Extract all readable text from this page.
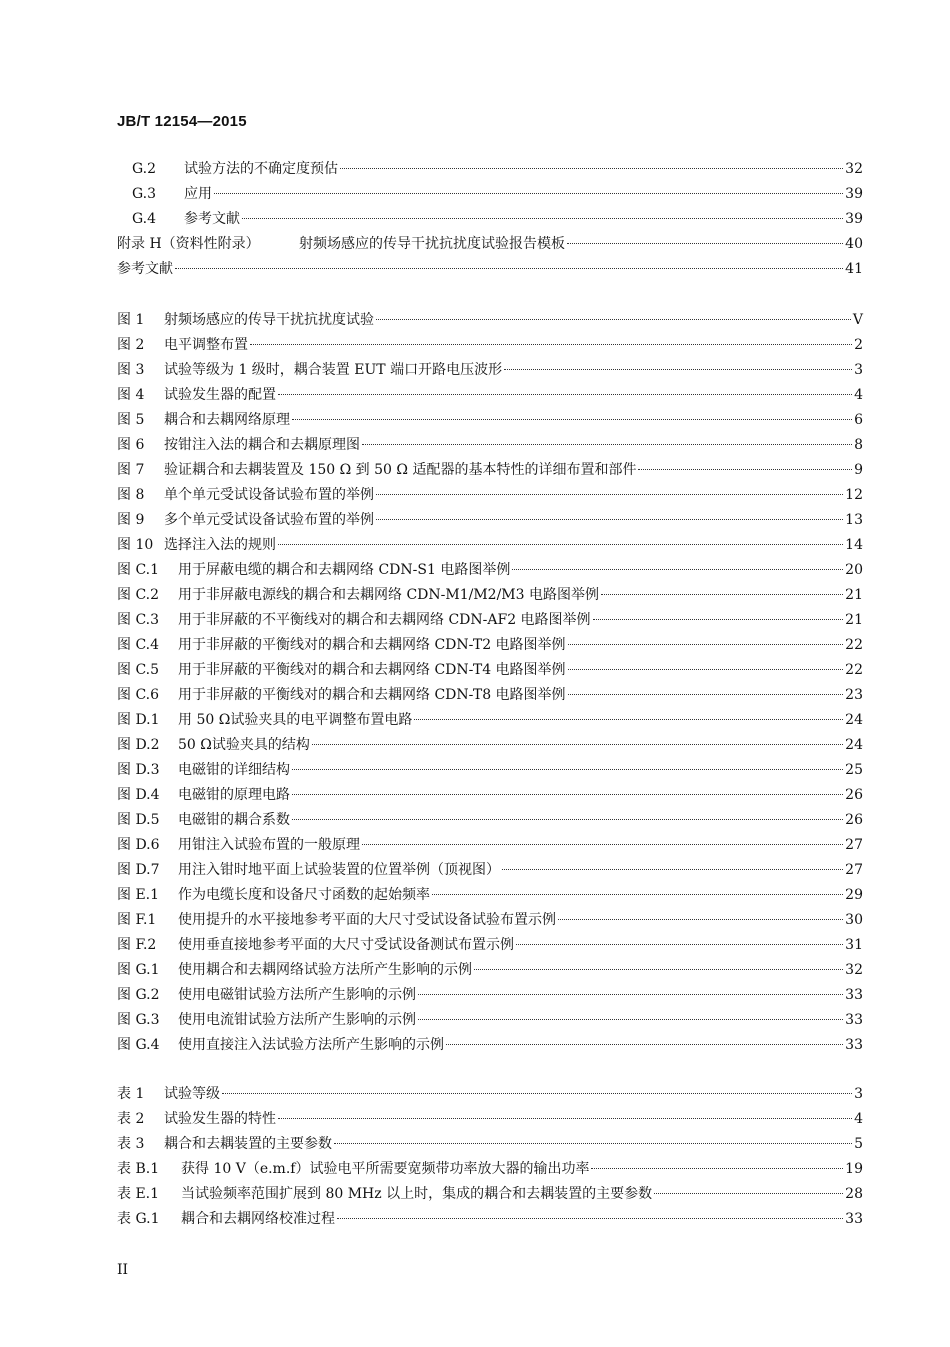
JB/T 12154—2015
G.2 试验方法的不确定度预估	32
G.3 应用	39
G.4 参考文献	39
附录 H（资料性附录）	射频场感应的传导干扰抗扰度试验报告模板	40
参考文献	41
图 1 射频场感应的传导干扰抗扰度试验	V
图 2 电平调整布置	2
图 3 试验等级为 1 级时，耦合装置 EUT 端口开路电压波形	3
图 4 试验发生器的配置	4
图 5 耦合和去耦网络原理	6
图 6 按钳注入法的耦合和去耦原理图	8
图 7 验证耦合和去耦装置及 150 Ω 到 50 Ω 适配器的基本特性的详细布置和部件	9
图 8 单个单元受试设备试验布置的举例	12
图 9 多个单元受试设备试验布置的举例	13
图 10 选择注入法的规则	14
图 C.1 用于屏蔽电缆的耦合和去耦网络 CDN-S1 电路图举例	20
图 C.2 用于非屏蔽电源线的耦合和去耦网络 CDN-M1/M2/M3 电路图举例	21
图 C.3 用于非屏蔽的不平衡线对的耦合和去耦网络 CDN-AF2 电路图举例	21
图 C.4 用于非屏蔽的平衡线对的耦合和去耦网络 CDN-T2 电路图举例	22
图 C.5 用于非屏蔽的平衡线对的耦合和去耦网络 CDN-T4 电路图举例	22
图 C.6 用于非屏蔽的平衡线对的耦合和去耦网络 CDN-T8 电路图举例	23
图 D.1 用 50 Ω试验夹具的电平调整布置电路	24
图 D.2 50 Ω试验夹具的结构	24
图 D.3 电磁钳的详细结构	25
图 D.4 电磁钳的原理电路	26
图 D.5 电磁钳的耦合系数	26
图 D.6 用钳注入试验布置的一般原理	27
图 D.7 用注入钳时地平面上试验装置的位置举例（顶视图）	27
图 E.1 作为电缆长度和设备尺寸函数的起始频率	29
图 F.1 使用提升的水平接地参考平面的大尺寸受试设备试验布置示例	30
图 F.2 使用垂直接地参考平面的大尺寸受试设备测试布置示例	31
图 G.1 使用耦合和去耦网络试验方法所产生影响的示例	32
图 G.2 使用电磁钳试验方法所产生影响的示例	33
图 G.3 使用电流钳试验方法所产生影响的示例	33
图 G.4 使用直接注入法试验方法所产生影响的示例	33
表 1 试验等级	3
表 2 试验发生器的特性	4
表 3 耦合和去耦装置的主要参数	5
表 B.1 获得 10 V（e.m.f）试验电平所需要宽频带功率放大器的输出功率	19
表 E.1 当试验频率范围扩展到 80 MHz 以上时，集成的耦合和去耦装置的主要参数	28
表 G.1 耦合和去耦网络校准过程	33
II
